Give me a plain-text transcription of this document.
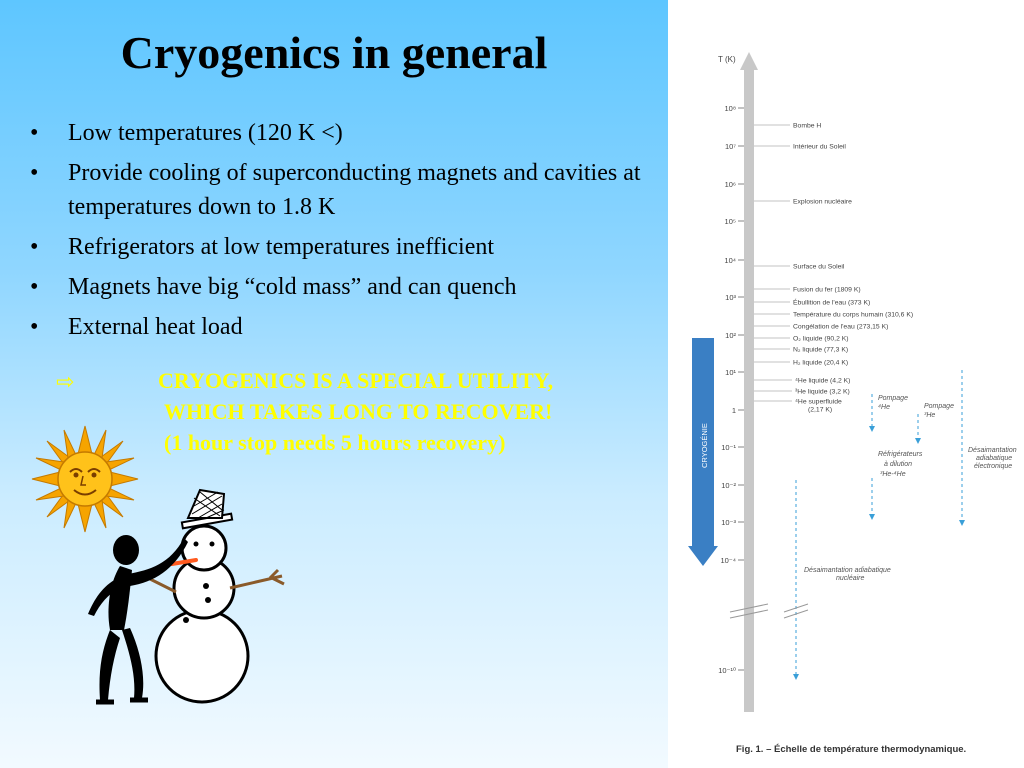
Cryogenics in general
• Low temperatures (120 K <)
• Provide cooling of superconducting magnets and cavities at temperatures down to 1.8 K
• Refrigerators at low temperatures inefficient
• Magnets have big “cold mass” and can quench
• External heat load
⇨	CRYOGENICS IS A SPECIAL UTILITY,
WHICH TAKES LONG TO RECOVER!
(1 hour stop needs 5 hours recovery)
T (K)
10⁸
10⁷
10⁶
10⁵
10⁴
10³
10²
10¹
1
10⁻¹
10⁻²
10⁻³
10⁻⁴
10⁻¹⁰
Bombe H
Intérieur du Soleil
Explosion nucléaire
Surface du Soleil
Fusion du fer (1809 K)
Ébullition de l'eau (373 K)
Température du corps humain (310,6 K)
Congélation de l'eau (273,15 K)
O₂ liquide (90,2 K)
N₂ liquide (77,3 K)
H₂ liquide (20,4 K)
⁴He liquide (4,2 K)
³He liquide (3,2 K)
⁴He superfluide
(2,17 K)
CRYOGÉNIE
Pompage
⁴He	Pompage
³He
Réfrigérateurs
à dilution
³He-⁴He
Désaimantation
adiabatique
électronique
Désaimantation adiabatique
nucléaire
Fig. 1. – Échelle de température thermodynamique.
